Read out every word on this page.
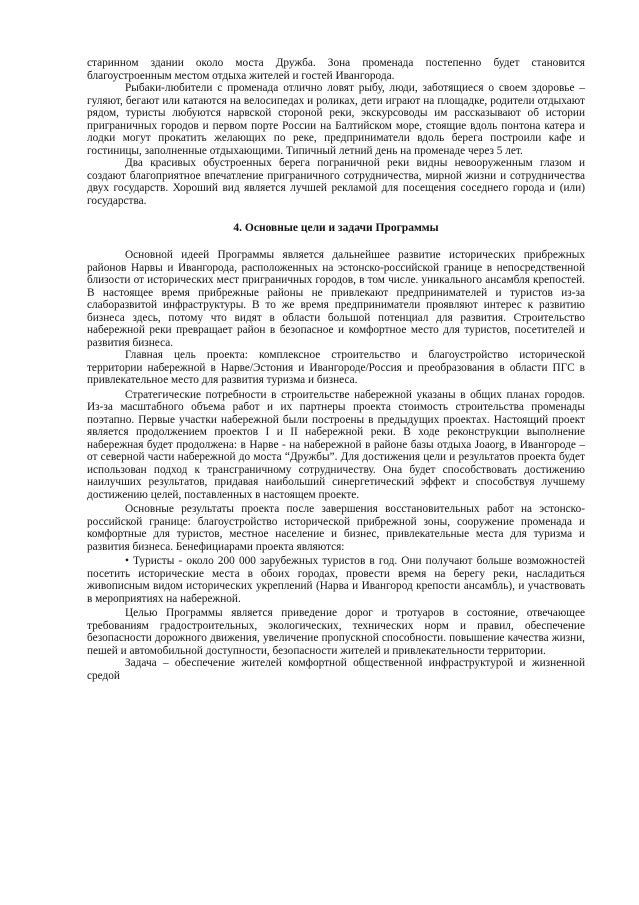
старинном здании около моста Дружба. Зона променада постепенно будет становится благоустроенным местом отдыха жителей и гостей Ивангорода.

Рыбаки-любители с променада отлично ловят рыбу, люди, заботящиеся о своем здоровье – гуляют, бегают или катаются на велосипедах и роликах, дети играют на площадке, родители отдыхают рядом, туристы любуются нарвской стороной реки, экскурсоводы им рассказывают об истории приграничных городов и первом порте России на Балтийском море, стоящие вдоль понтона катера и лодки могут прокатить желающих по реке, предприниматели вдоль берега построили кафе и гостиницы, заполненные отдыхающими. Типичный летний день на променаде через 5 лет.

Два красивых обустроенных берега пограничной реки видны невооруженным глазом и создают благоприятное впечатление приграничного сотрудничества, мирной жизни и сотрудничества двух государств. Хороший вид является лучшей рекламой для посещения соседнего города и (или) государства.

4. Основные цели и задачи Программы

Основной идеей Программы является дальнейшее развитие исторических прибрежных районов Нарвы и Ивангорода, расположенных на эстонско-российской границе в непосредственной близости от исторических мест приграничных городов, в том числе. уникального ансамбля крепостей. В настоящее время прибрежные районы не привлекают предпринимателей и туристов из-за слаборазвитой инфраструктуры. В то же время предприниматели проявляют интерес к развитию бизнеса здесь, потому что видят в области большой потенциал для развития. Строительство набережной реки превращает район в безопасное и комфортное место для туристов, посетителей и развития бизнеса.

Главная цель проекта: комплексное строительство и благоустройство исторической территории набережной в Нарве/Эстония и Ивангороде/Россия и преобразования в области ПГС в привлекательное место для развития туризма и бизнеса.

Стратегические потребности в строительстве набережной указаны в общих планах городов. Из-за масштабного объема работ и их партнеры проекта стоимость строительства променады поэтапно. Первые участки набережной были построены в предыдущих проектах. Настоящий проект является продолжением проектов I и II набережной реки. В ходе реконструкции выполнение набережная будет продолжена: в Нарве - на набережной в районе базы отдыха Joaorg, в Ивангороде – от северной части набережной до моста “Дружбы”. Для достижения цели и результатов проекта будет использован подход к трансграничному сотрудничеству. Она будет способствовать достижению наилучших результатов, придавая наибольший синергетический эффект и способствуя лучшему достижению целей, поставленных в настоящем проекте.

Основные результаты проекта после завершения восстановительных работ на эстонско-российской границе: благоустройство исторической прибрежной зоны, сооружение променада и комфортные для туристов, местное население и бизнес, привлекательные места для туризма и развития бизнеса. Бенефициарами проекта являются:

• Туристы - около 200 000 зарубежных туристов в год. Они получают больше возможностей посетить исторические места в обоих городах, провести время на берегу реки, насладиться живописным видом исторических укреплений (Нарва и Ивангород крепости ансамбль), и участвовать в мероприятиях на набережной.

Целью Программы является приведение дорог и тротуаров в состояние, отвечающее требованиям градостроительных, экологических, технических норм и правил, обеспечение безопасности дорожного движения, увеличение пропускной способности. повышение качества жизни, пешей и автомобильной доступности, безопасности жителей и привлекательности территории.

Задача – обеспечение жителей комфортной общественной инфраструктурой и жизненной средой
